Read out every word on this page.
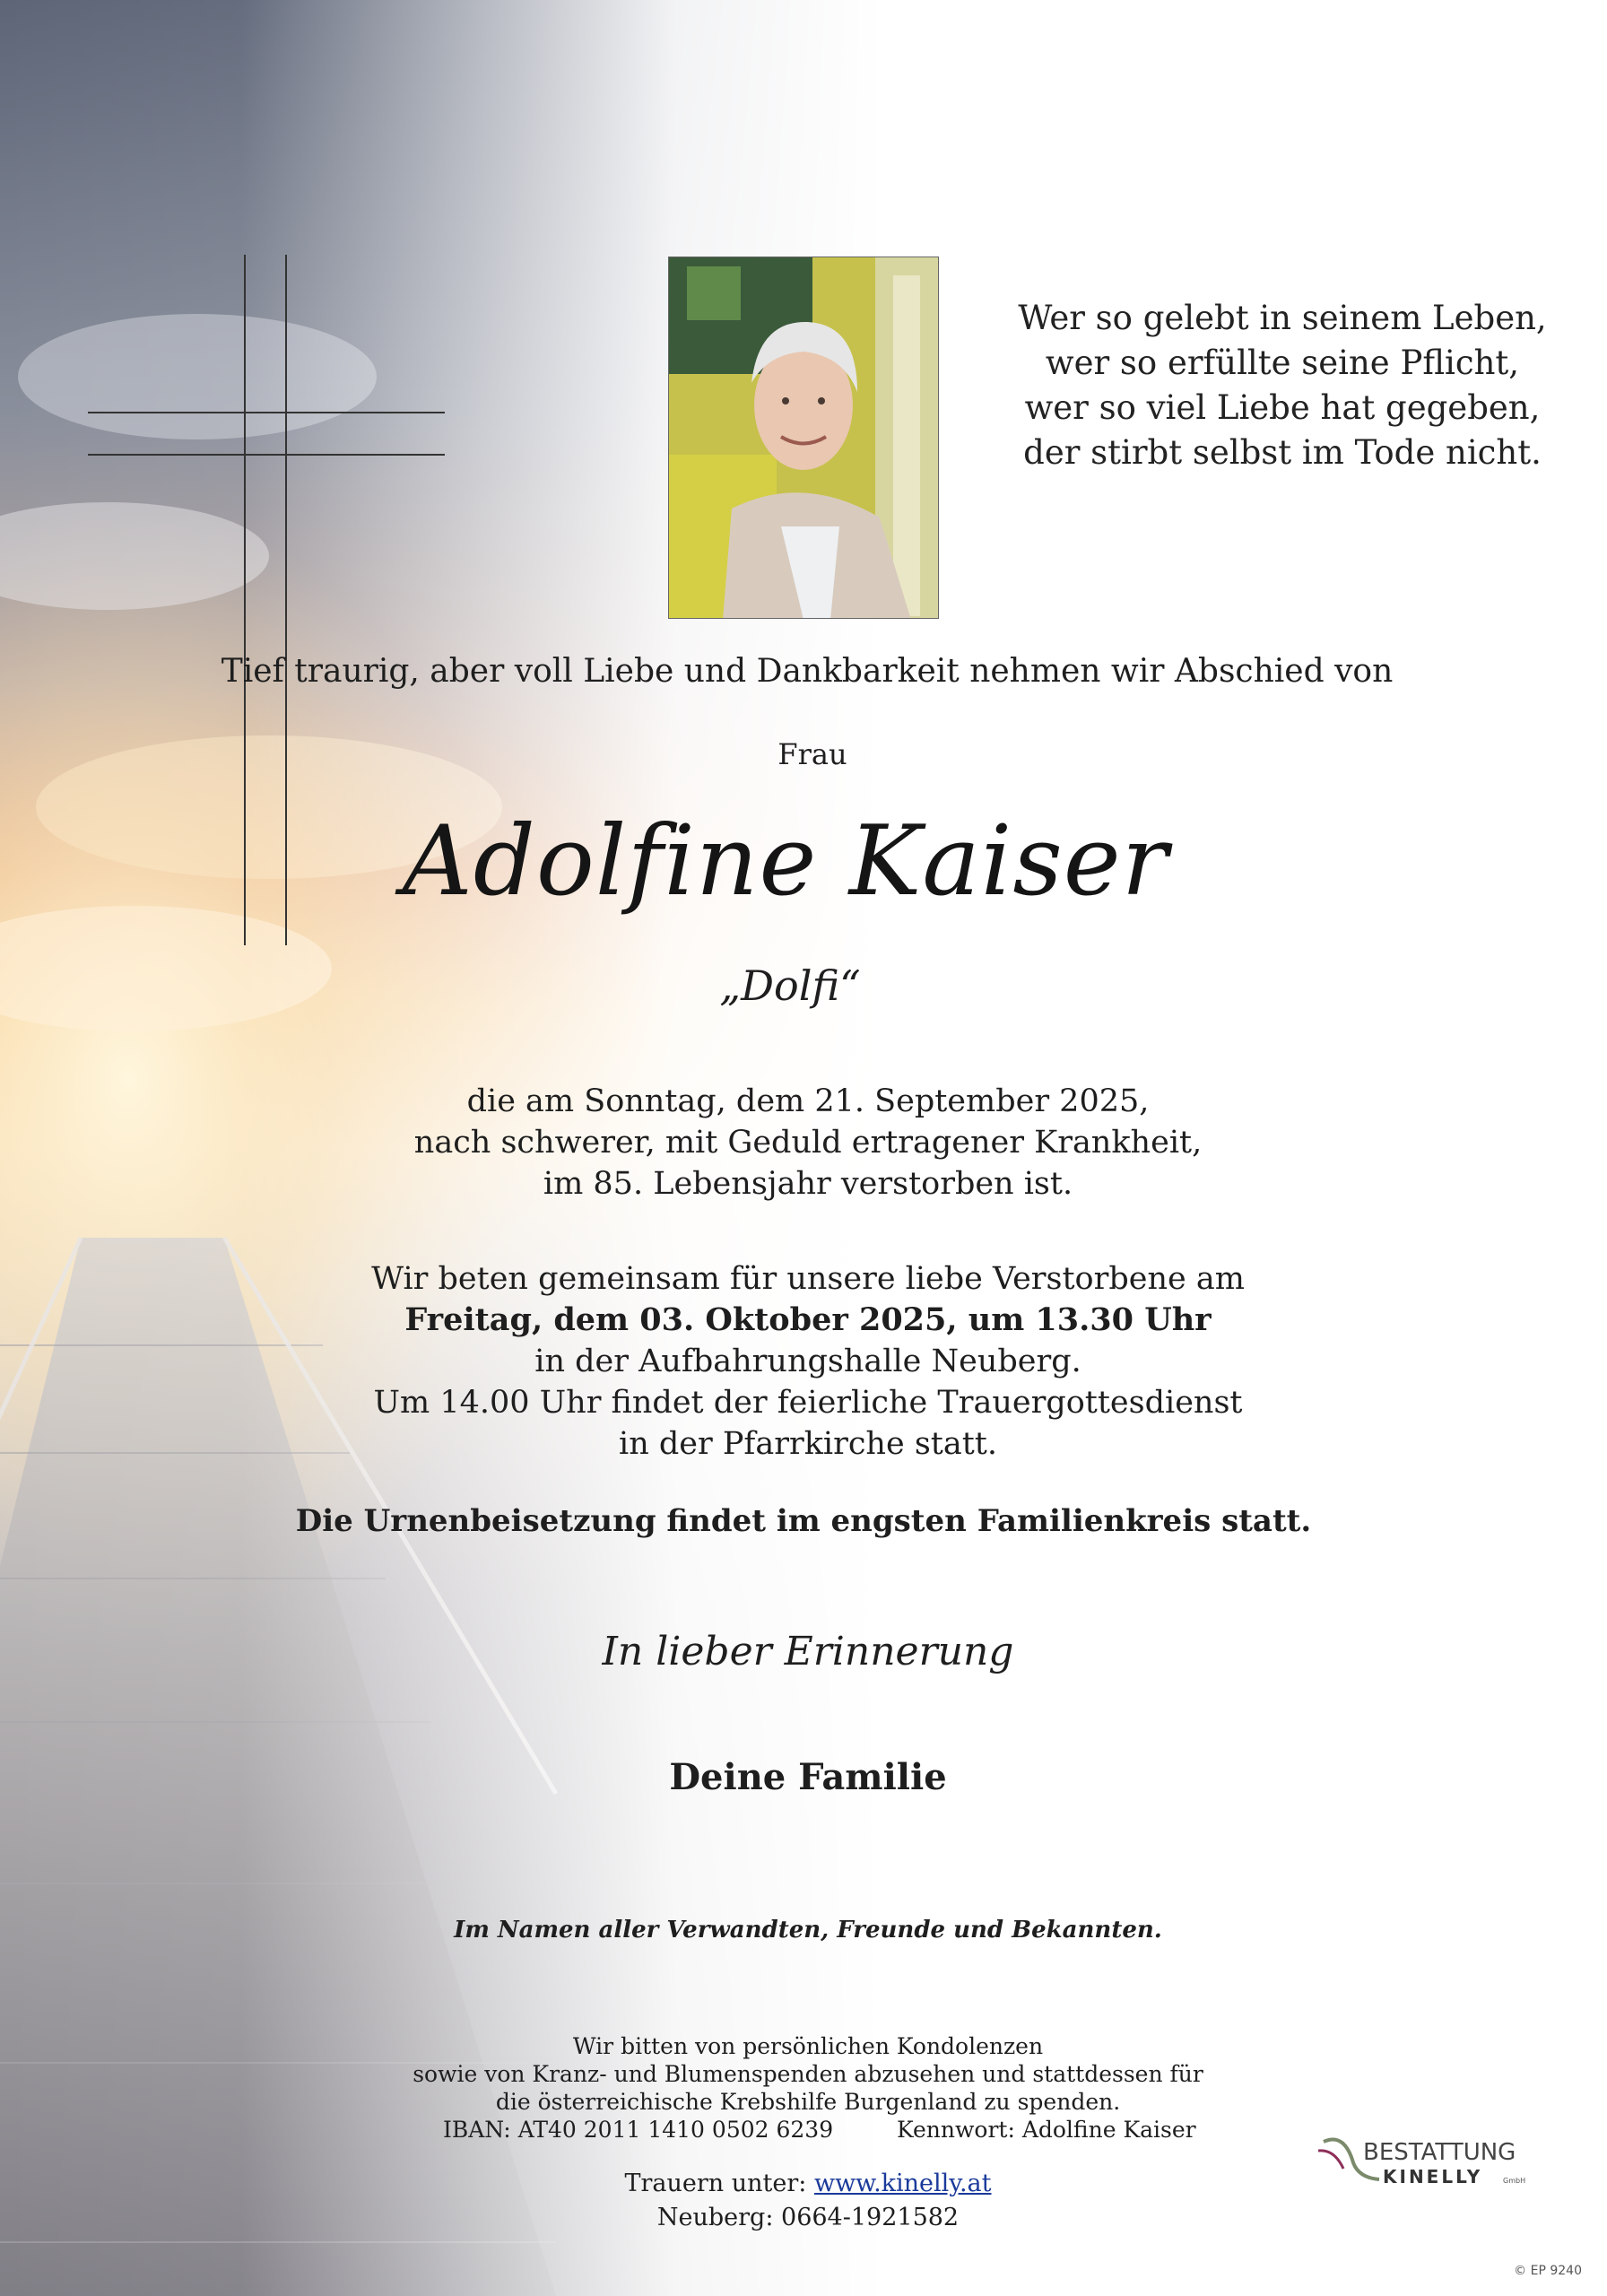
Wer so gelebt in seinem Leben,
wer so erfüllte seine Pflicht,
wer so viel Liebe hat gegeben,
der stirbt selbst im Tode nicht.
Tief traurig, aber voll Liebe und Dankbarkeit nehmen wir Abschied von
Frau
Adolfine Kaiser
„Dolfi“
die am Sonntag, dem 21. September 2025,
nach schwerer, mit Geduld ertragener Krankheit,
im 85. Lebensjahr verstorben ist.
Wir beten gemeinsam für unsere liebe Verstorbene am
Freitag, dem 03. Oktober 2025, um 13.30 Uhr
in der Aufbahrungshalle Neuberg.
Um 14.00 Uhr findet der feierliche Trauergottesdienst
in der Pfarrkirche statt.
Die Urnenbeisetzung findet im engsten Familienkreis statt.
In lieber Erinnerung
Deine Familie
Im Namen aller Verwandten, Freunde und Bekannten.
Wir bitten von persönlichen Kondolenzen
sowie von Kranz- und Blumenspenden abzusehen und stattdessen für
die österreichische Krebshilfe Burgenland zu spenden.
IBAN: AT40 2011 1410 0502 6239	Kennwort: Adolfine Kaiser
Trauern unter: www.kinelly.at
Neuberg: 0664-1921582
BESTATTUNG
KINELLY	GmbH
© EP 9240
